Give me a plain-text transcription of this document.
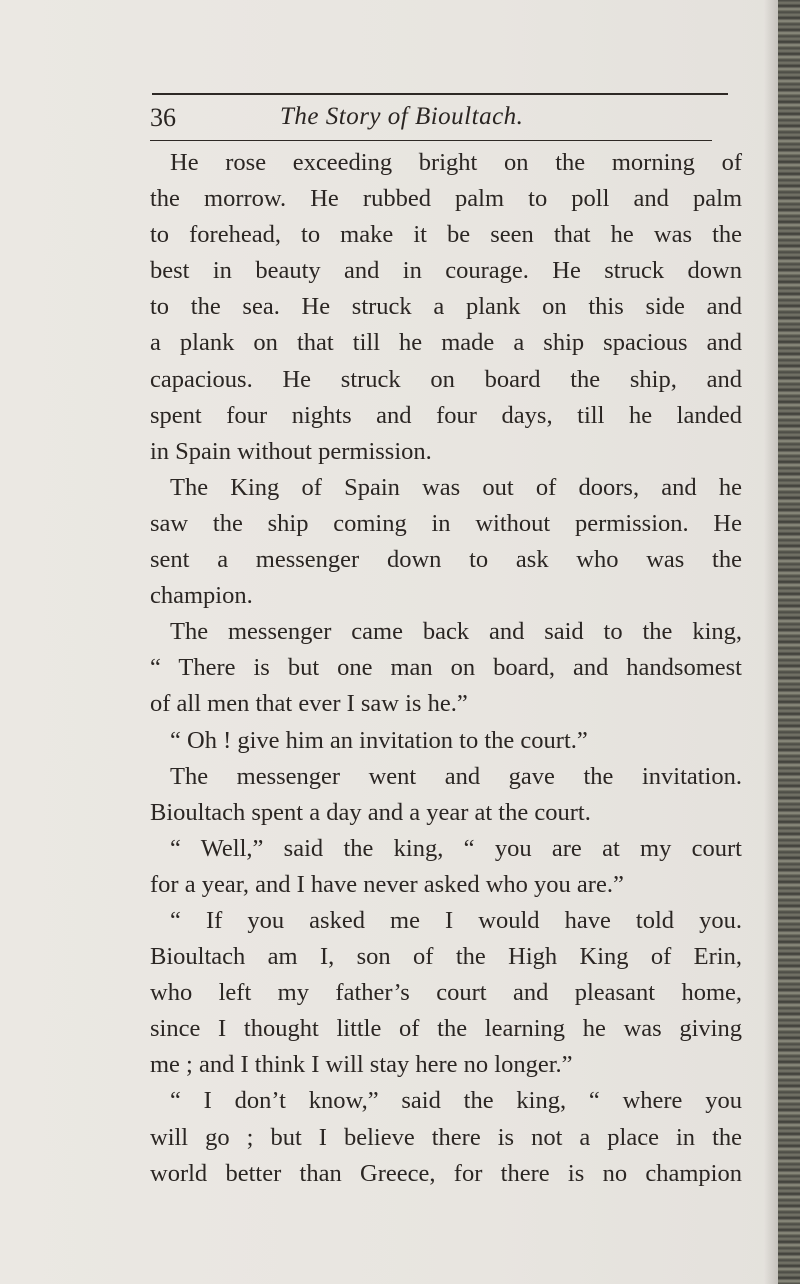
36	The Story of Bioultach.
He rose exceeding bright on the morning of
the morrow. He rubbed palm to poll and palm
to forehead, to make it be seen that he was the
best in beauty and in courage. He struck down
to the sea. He struck a plank on this side and
a plank on that till he made a ship spacious and
capacious. He struck on board the ship, and
spent four nights and four days, till he landed
in Spain without permission.
The King of Spain was out of doors, and he
saw the ship coming in without permission. He
sent a messenger down to ask who was the
champion.
The messenger came back and said to the king,
“ There is but one man on board, and handsomest
of all men that ever I saw is he.”
“ Oh ! give him an invitation to the court.”
The messenger went and gave the invitation.
Bioultach spent a day and a year at the court.
“ Well,” said the king, “ you are at my court
for a year, and I have never asked who you are.”
“ If you asked me I would have told you.
Bioultach am I, son of the High King of Erin,
who left my father’s court and pleasant home,
since I thought little of the learning he was giving
me ; and I think I will stay here no longer.”
“ I don’t know,” said the king, “ where you
will go ; but I believe there is not a place in the
world better than Greece, for there is no champion
